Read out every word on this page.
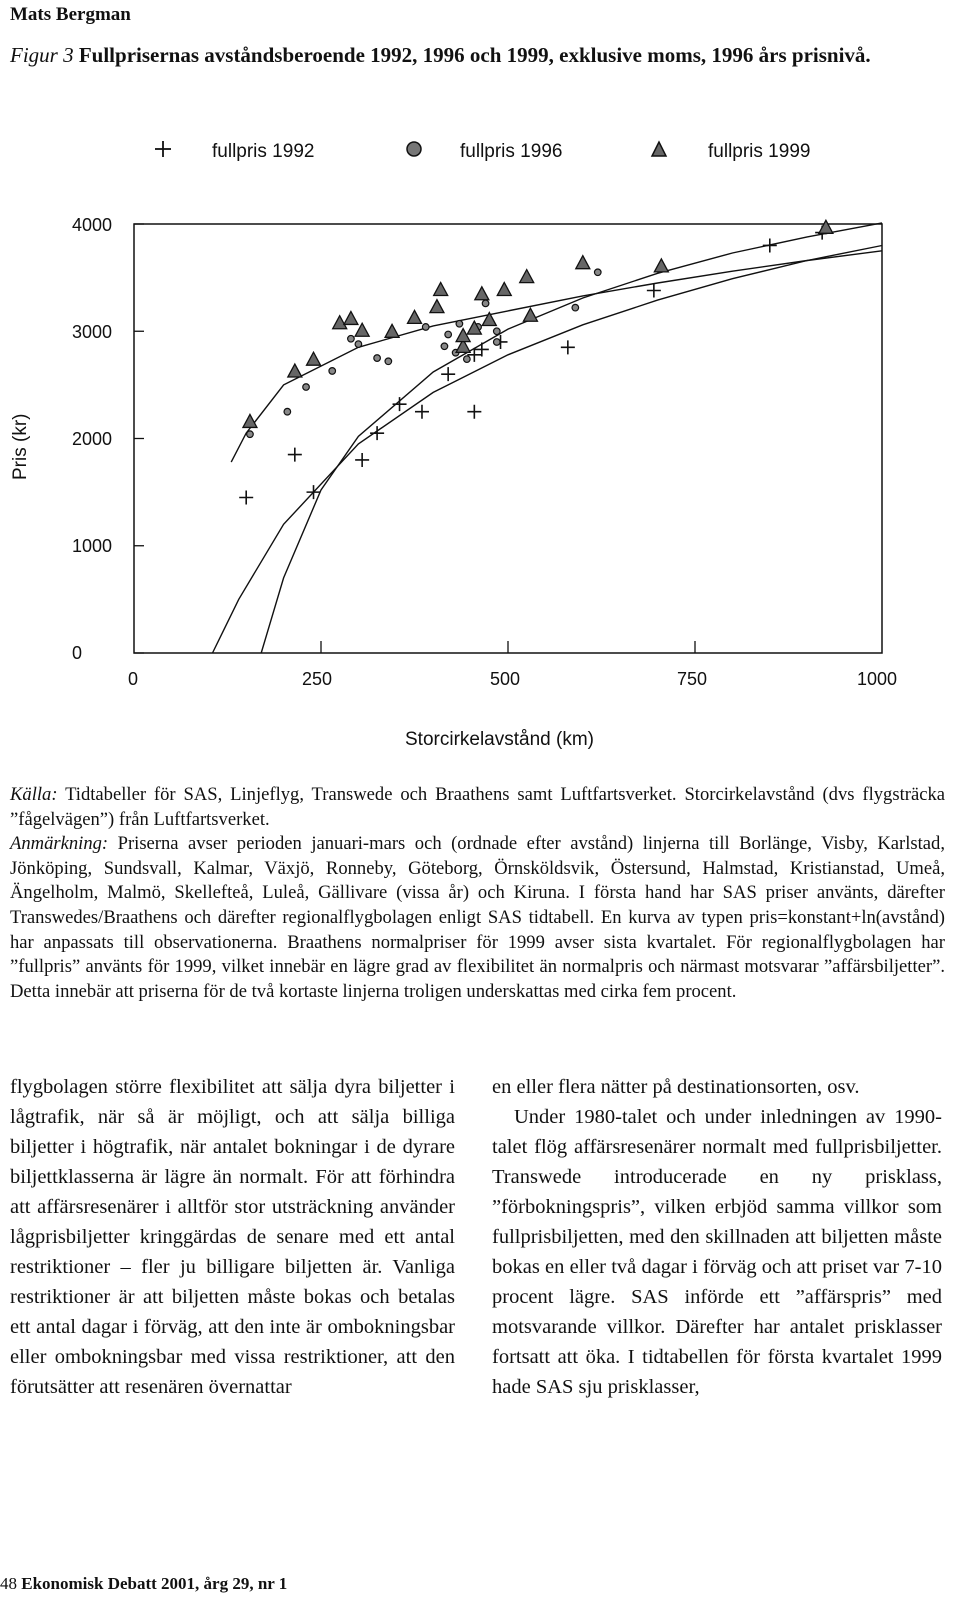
Mats Bergman
Figur 3 Fullprisernas avståndsberoende 1992, 1996 och 1999, exklusive moms, 1996 års prisnivå.
fullpris 1992	fullpris 1996	fullpris 1999
0
1000
2000
3000
4000
0	250	500	750	1000
Storcirkelavstånd (km)
Pris (kr)

Källa: Tidtabeller för SAS, Linjeflyg, Transwede och Braathens samt Luftfartsverket. Storcirkelavstånd (dvs flygsträcka ”fågelvägen”) från Luftfartsverket.

Anmärkning: Priserna avser perioden januari-mars och (ordnade efter avstånd) linjerna till Borlänge, Visby, Karlstad, Jönköping, Sundsvall, Kalmar, Växjö, Ronneby, Göteborg, Örnsköldsvik, Östersund, Halmstad, Kristianstad, Umeå, Ängelholm, Malmö, Skellefteå, Luleå, Gällivare (vissa år) och Kiruna. I första hand har SAS priser använts, därefter Transwedes/Braathens och därefter regionalflygbolagen enligt SAS tidtabell. En kurva av typen pris=konstant+ln(avstånd) har anpassats till observationerna. Braathens normalpriser för 1999 avser sista kvartalet. För regionalflygbolagen har ”fullpris” använts för 1999, vilket innebär en lägre grad av flexibilitet än normalpris och närmast motsvarar ”affärsbiljetter”. Detta innebär att priserna för de två kortaste linjerna troligen underskattas med cirka fem procent.

flygbolagen större flexibilitet att sälja dyra biljetter i lågtrafik, när så är möjligt, och att sälja billiga biljetter i högtrafik, när antalet bokningar i de dyrare biljettklasserna är lägre än normalt. För att förhindra att affärsresenärer i alltför stor utsträckning använder lågprisbiljetter kringgärdas de senare med ett antal restriktioner – fler ju billigare biljetten är. Vanliga restriktioner är att biljetten måste bokas och betalas ett antal dagar i förväg, att den inte är ombokningsbar eller ombokningsbar med vissa restriktioner, att den förutsätter att resenären övernattar

en eller flera nätter på destinationsorten, osv.

Under 1980-talet och under inledningen av 1990-talet flög affärsresenärer normalt med fullprisbiljetter. Transwede introducerade en ny prisklass, ”förbokningspris”, vilken erbjöd samma villkor som fullprisbiljetten, med den skillnaden att biljetten måste bokas en eller två dagar i förväg och att priset var 7-10 procent lägre. SAS införde ett ”affärspris” med motsvarande villkor. Därefter har antalet prisklasser fortsatt att öka. I tidtabellen för första kvartalet 1999 hade SAS sju prisklasser,

48 Ekonomisk Debatt 2001, årg 29, nr 1
